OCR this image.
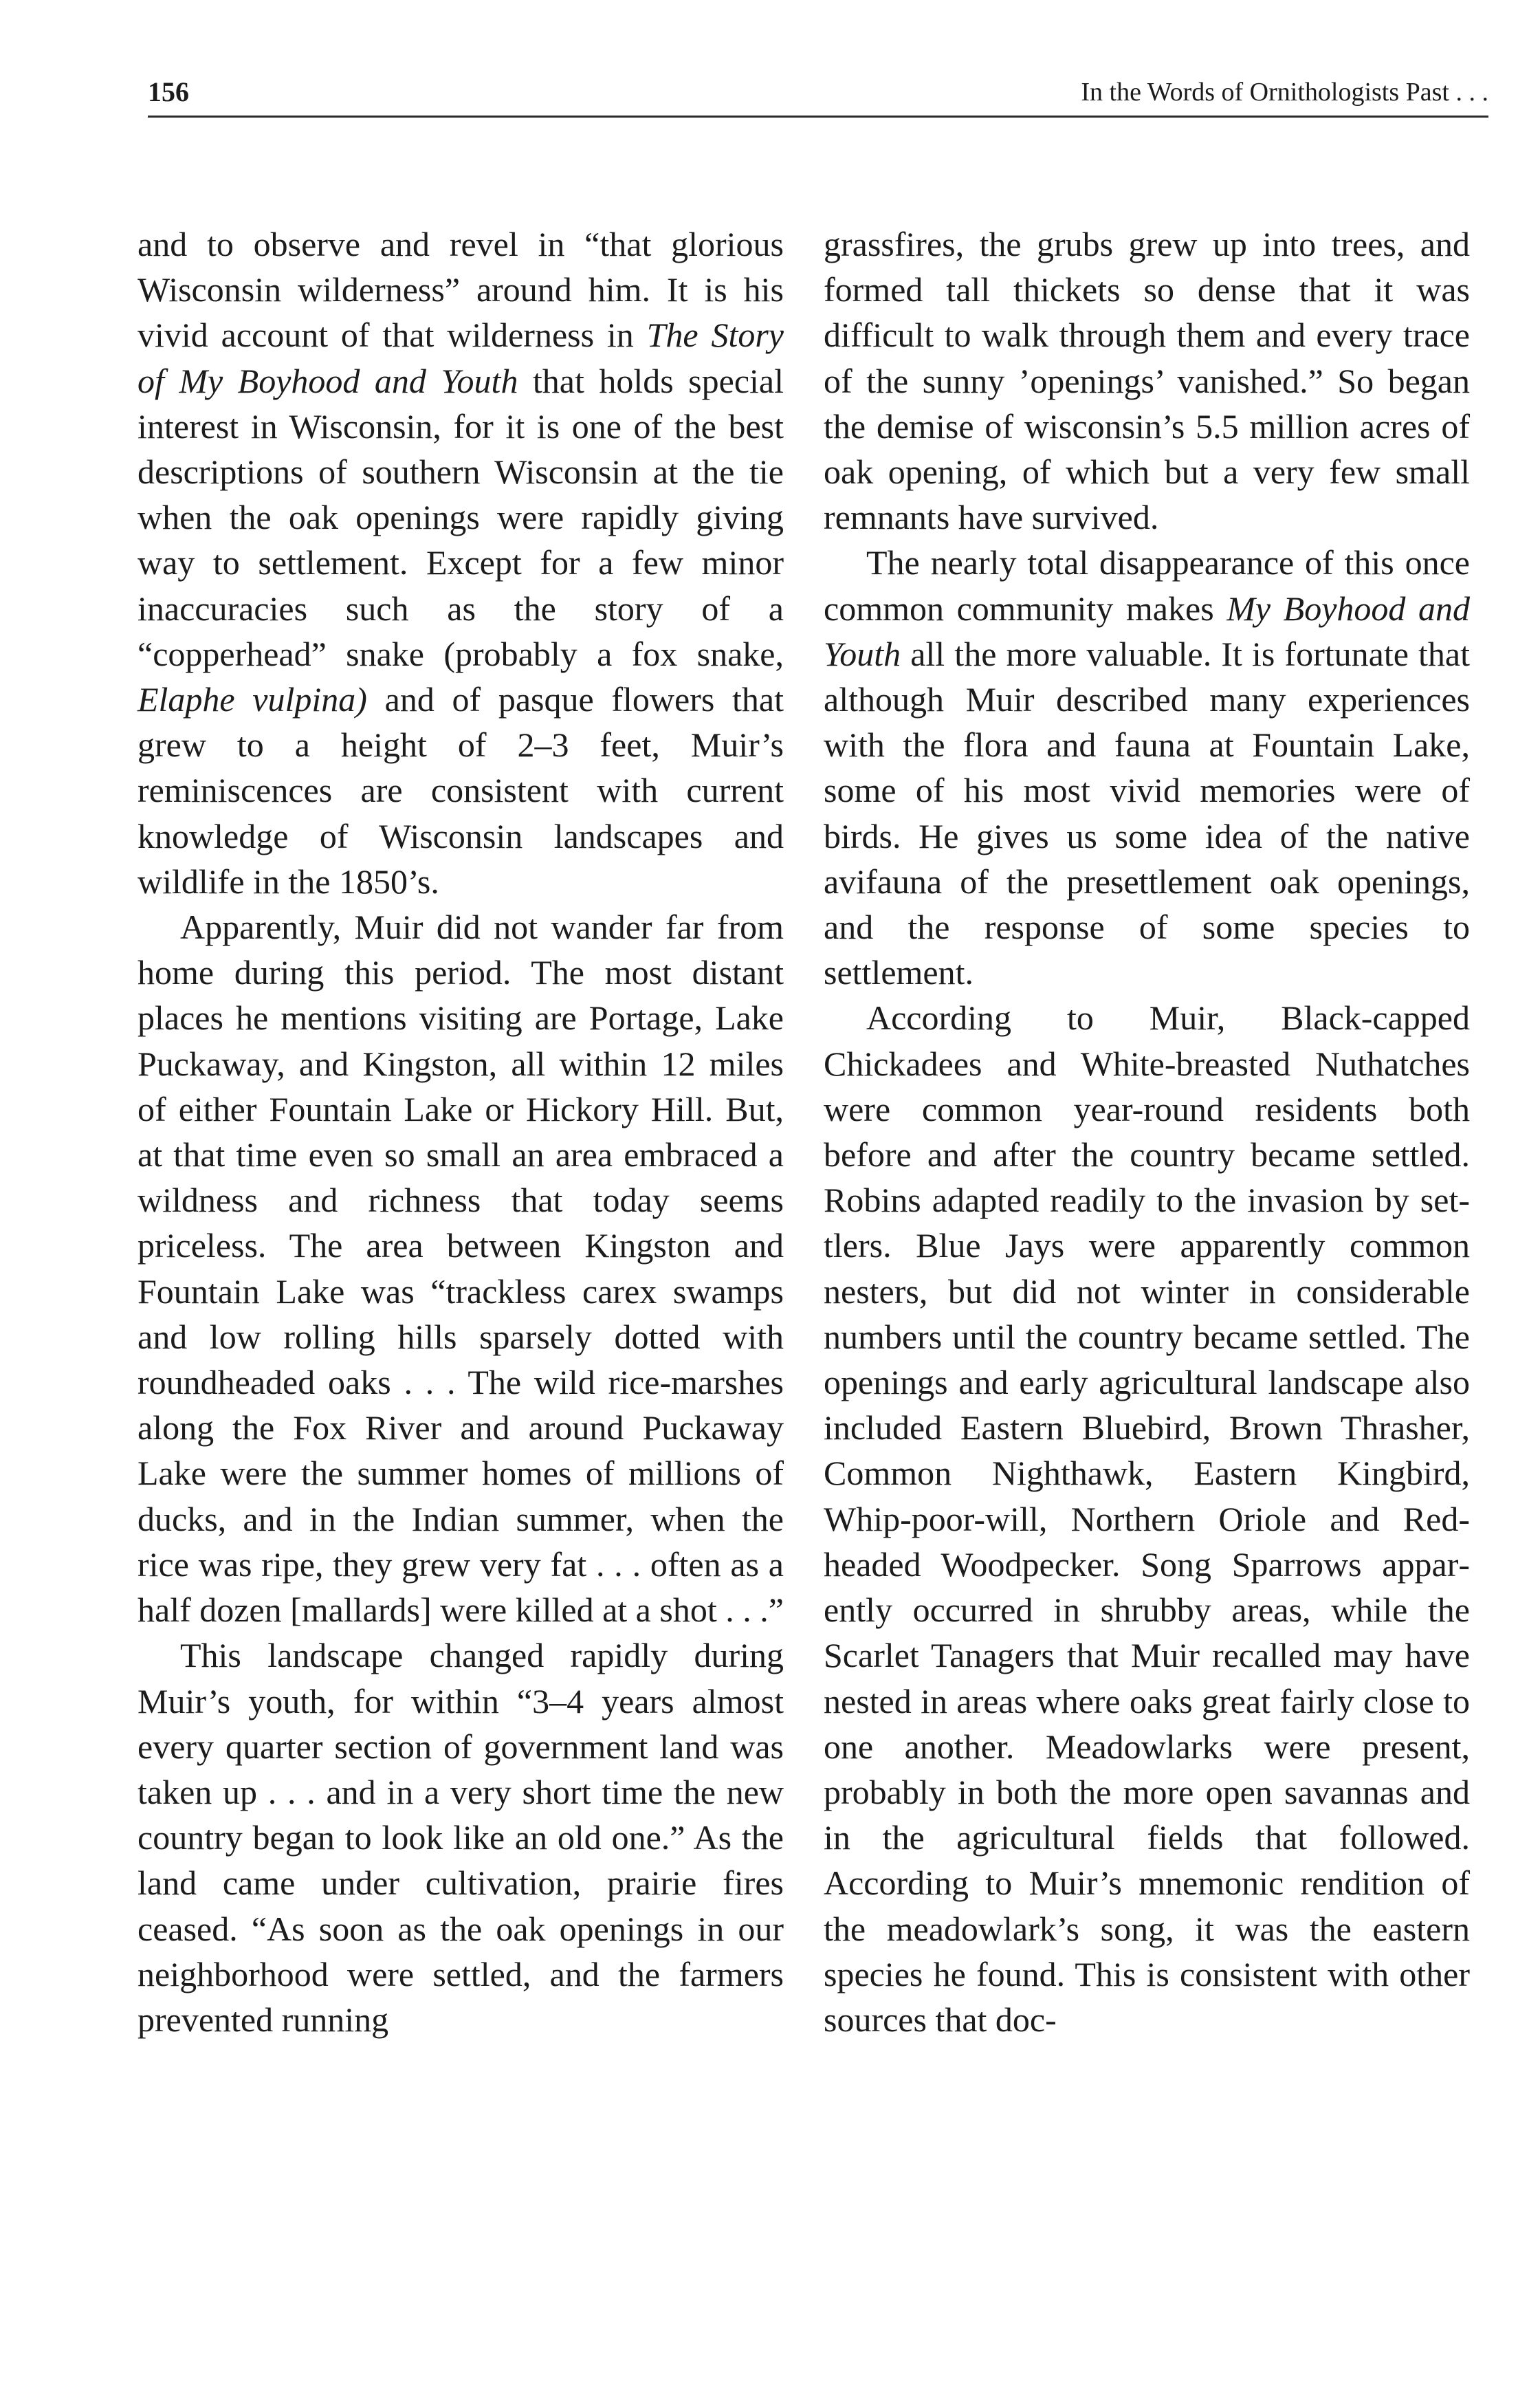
156	In the Words of Ornithologists Past . . .

and to observe and revel in “that glorious Wisconsin wilderness” around him. It is his vivid account of that wilderness in The Story of My Boyhood and Youth that holds special interest in Wisconsin, for it is one of the best descriptions of southern Wisconsin at the tie when the oak openings were rapidly giving way to settlement. Except for a few minor inaccuracies such as the story of a “copperhead” snake (probably a fox snake, Elaphe vulpina) and of pasque flowers that grew to a height of 2–3 feet, Muir’s reminiscences are consistent with current knowledge of Wisconsin landscapes and wildlife in the 1850’s.

Apparently, Muir did not wander far from home during this period. The most distant places he mentions visiting are Portage, Lake Puckaway, and Kingston, all within 12 miles of either Fountain Lake or Hickory Hill. But, at that time even so small an area embraced a wildness and richness that today seems priceless. The area between Kingston and Fountain Lake was “trackless carex swamps and low rolling hills sparsely dotted with roundheaded oaks . . . The wild rice-marshes along the Fox River and around Puckaway Lake were the summer homes of millions of ducks, and in the Indian summer, when the rice was ripe, they grew very fat . . . often as a half dozen [mallards] were killed at a shot . . .”

This landscape changed rapidly during Muir’s youth, for within “3–4 years almost every quarter section of government land was taken up . . . and in a very short time the new country began to look like an old one.” As the land came under cultivation, prairie fires ceased. “As soon as the oak openings in our neighborhood were settled, and the farmers prevented running

grassfires, the grubs grew up into trees, and formed tall thickets so dense that it was difficult to walk through them and every trace of the sunny ’openings’ vanished.” So began the demise of wisconsin’s 5.5 million acres of oak opening, of which but a very few small remnants have survived.

The nearly total disappearance of this once common community makes My Boyhood and Youth all the more valuable. It is fortunate that although Muir described many experiences with the flora and fauna at Fountain Lake, some of his most vivid memories were of birds. He gives us some idea of the native avifauna of the presettlement oak openings, and the response of some species to settlement.

According to Muir, Black-capped Chickadees and White-breasted Nuthatches were common year-round residents both before and after the country became settled. Robins adapted readily to the invasion by settlers. Blue Jays were apparently common nesters, but did not winter in considerable numbers until the country became settled. The openings and early agricultural landscape also included Eastern Bluebird, Brown Thrasher, Common Nighthawk, Eastern Kingbird, Whip-poor-will, Northern Oriole and Red-headed Woodpecker. Song Sparrows apparently occurred in shrubby areas, while the Scarlet Tanagers that Muir recalled may have nested in areas where oaks great fairly close to one another. Meadowlarks were present, probably in both the more open savannas and in the agricultural fields that followed. According to Muir’s mnemonic rendition of the meadowlark’s song, it was the eastern species he found. This is consistent with other sources that doc-
